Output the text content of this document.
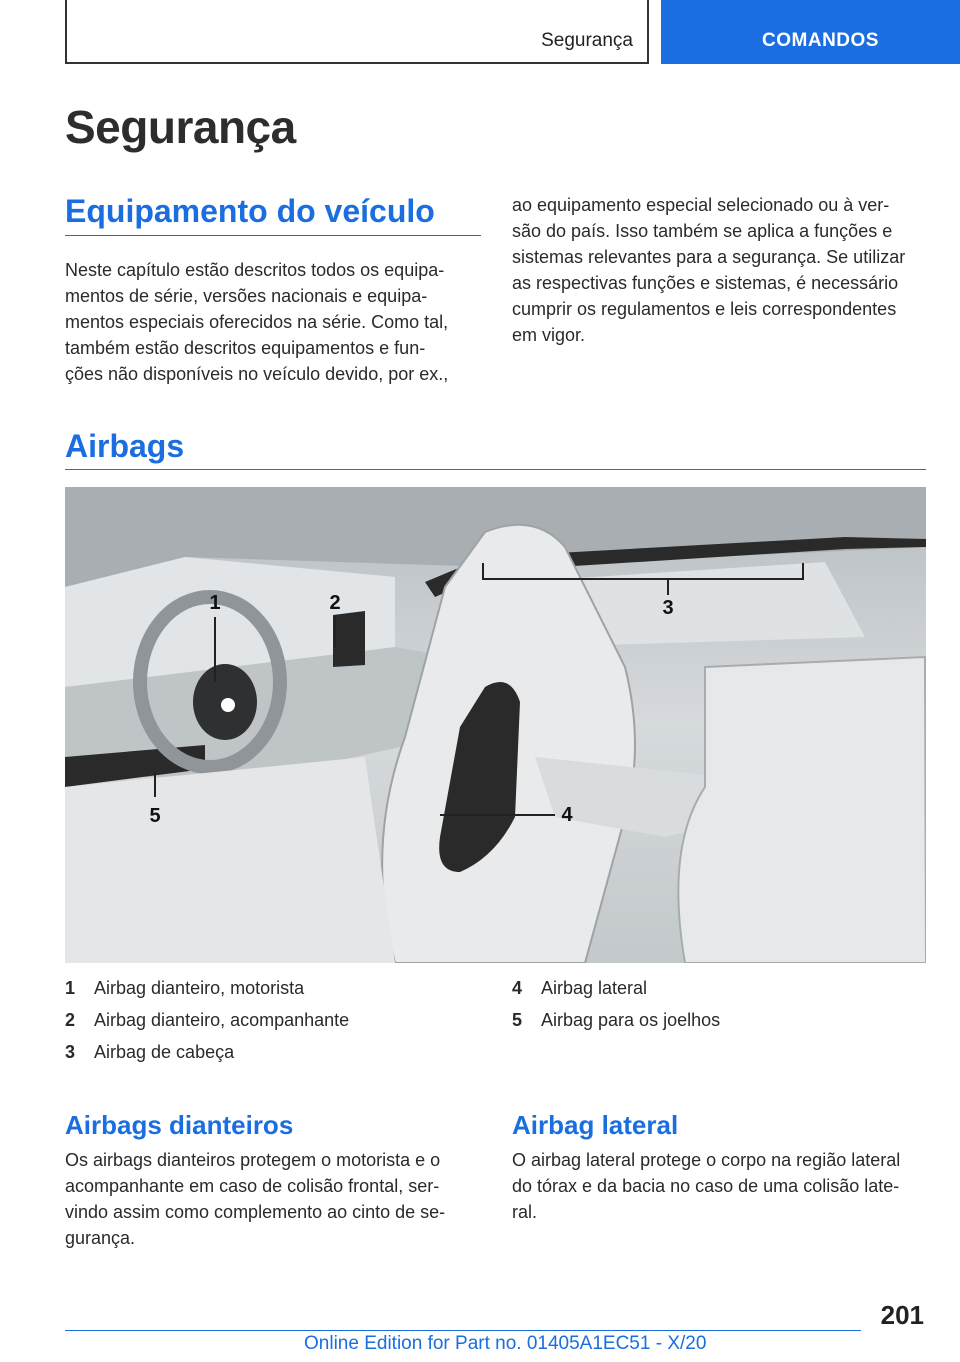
Segurança	COMANDOS
Segurança
Equipamento do veículo

Neste capítulo estão descritos todos os equipa-
mentos de série, versões nacionais e equipa-
mentos especiais oferecidos na série. Como tal,
também estão descritos equipamentos e fun-
ções não disponíveis no veículo devido, por ex.,

ao equipamento especial selecionado ou à ver-
são do país. Isso também se aplica a funções e
sistemas relevantes para a segurança. Se utilizar
as respectivas funções e sistemas, é necessário
cumprir os regulamentos e leis correspondentes
em vigor.

Airbags
1	2	3
4
5
1	Airbag dianteiro, motorista
2	Airbag dianteiro, acompanhante
3	Airbag de cabeça
4	Airbag lateral
5	Airbag para os joelhos
Airbags dianteiros

Os airbags dianteiros protegem o motorista e o
acompanhante em caso de colisão frontal, ser-
vindo assim como complemento ao cinto de se-
gurança.

Airbag lateral

O airbag lateral protege o corpo na região lateral
do tórax e da bacia no caso de uma colisão late-
ral.

201
Online Edition for Part no. 01405A1EC51 - X/20
